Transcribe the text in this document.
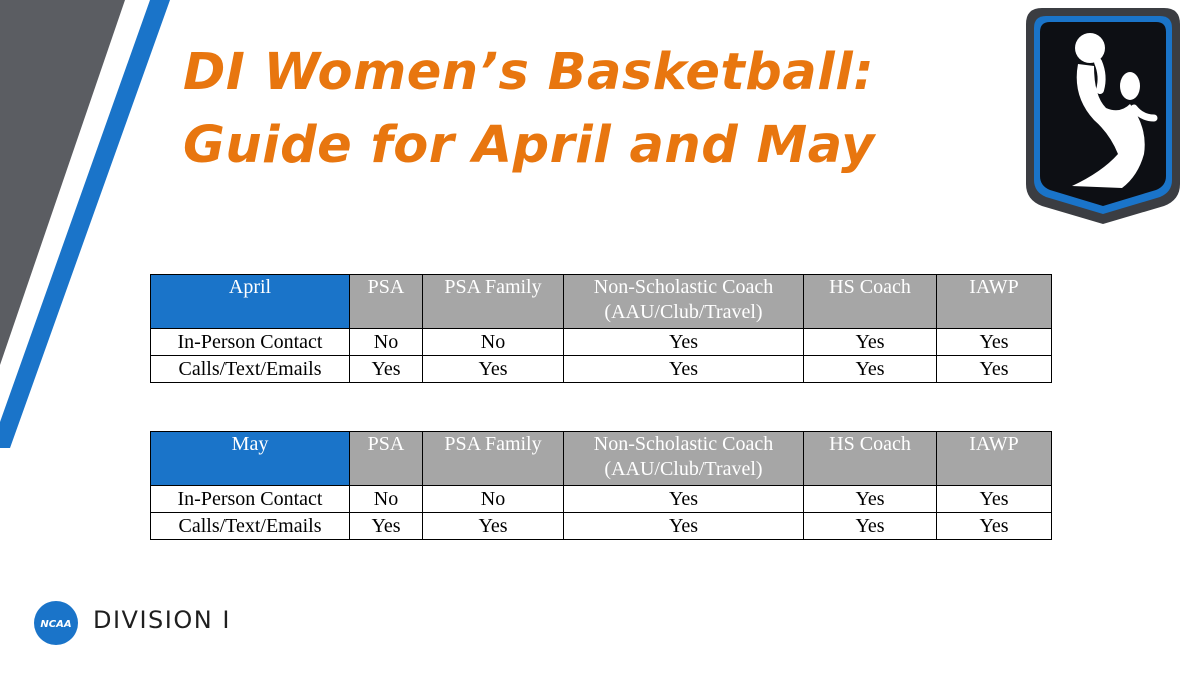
DI Women’s Basketball:
Guide for April and May
April	PSA	PSA Family	Non-Scholastic Coach (AAU/Club/Travel)	HS Coach	IAWP
In-Person Contact	No	No	Yes	Yes	Yes
Calls/Text/Emails	Yes	Yes	Yes	Yes	Yes
May	PSA	PSA Family	Non-Scholastic Coach (AAU/Club/Travel)	HS Coach	IAWP
In-Person Contact	No	No	Yes	Yes	Yes
Calls/Text/Emails	Yes	Yes	Yes	Yes	Yes
NCAA DIVISION I
